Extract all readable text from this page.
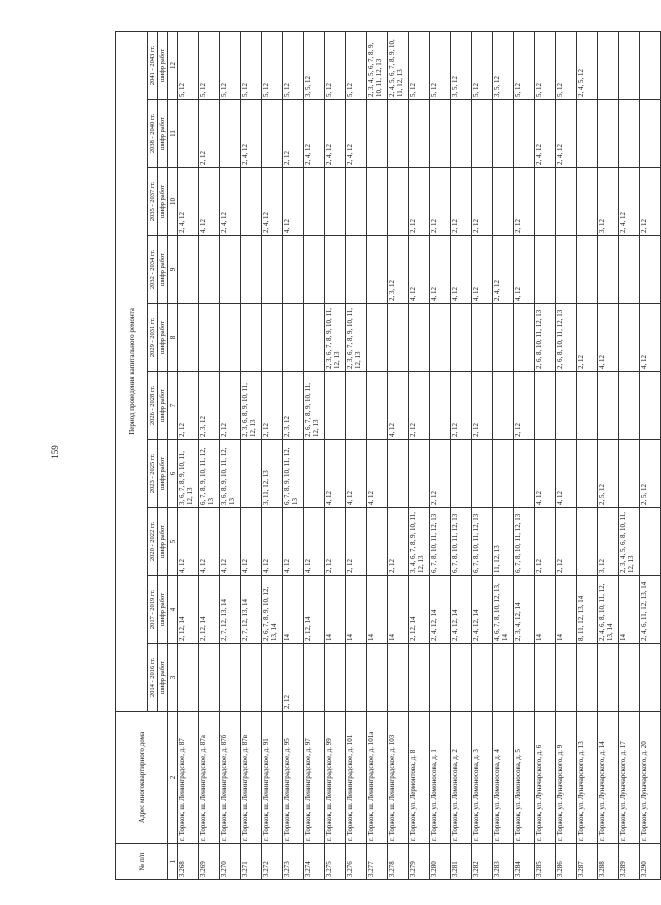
159
№ п/п	Адрес многоквартирного дома	Период проведения капитального ремонта									
		2014 - 2016 гг.	2017 - 2019 гг.	2020 - 2022 гг.	2023 - 2025 гг.	2026 - 2028 гг.	2029 - 2031 гг.	2032 - 2034 гг.	2035 - 2037 гг.	2038 - 2040 гг.	2041 - 2043 гг.
		шифр работ	шифр работ	шифр работ	шифр работ	шифр работ	шифр работ	шифр работ	шифр работ	шифр работ	шифр работ
1	2	3	4	5	6	7	8	9	10	11	12
3.268	г. Торжок, ш. Ленинградское, д. 87		2, 12, 14	4, 12	3, 6, 7, 8, 9, 10, 11, 12, 13	2, 12			2, 4, 12		5, 12
3.269	г. Торжок, ш. Ленинградское, д. 87а		2, 12, 14	4, 12	6, 7, 8, 9, 10, 11, 12, 13	2, 3, 12			4, 12	2, 12	5, 12
3.270	г. Торжок, ш. Ленинградское, д. 87б		2, 7, 12, 13, 14	4, 12	3, 6, 8, 9, 10, 11, 12, 13	2, 12			2, 4, 12		5, 12
3.271	г. Торжок, ш. Ленинградское, д. 87в		2, 7, 12, 13, 14	4, 12		2, 3, 6, 8, 9, 10, 11, 12, 13				2, 4, 12	5, 12
3.272	г. Торжок, ш. Ленинградское, д. 91		2, 6, 7, 8, 9, 10, 12, 13, 14	4, 12	3, 11, 12, 13	2, 12			2, 4, 12		5, 12
3.273	г. Торжок, ш. Ленинградское, д. 95	2, 12	14	4, 12	6, 7, 8, 9, 10, 11, 12, 13	2, 3, 12			4, 12	2, 12	5, 12
3.274	г. Торжок, ш. Ленинградское, д. 97		2, 12, 14	4, 12		2, 6, 7, 8, 9, 10, 11, 12, 13				2, 4, 12	3, 5, 12
3.275	г. Торжок, ш. Ленинградское, д. 99		14	2, 12	4, 12		2, 3, 6, 7, 8, 9, 10, 11, 12, 13			2, 4, 12	5, 12
3.276	г. Торжок, ш. Ленинградское, д. 101		14	2, 12	4, 12		2, 3, 6, 7, 8, 9, 10, 11, 12, 13			2, 4, 12	5, 12
3.277	г. Торжок, ш. Ленинградское, д. 101а		14		4, 12						2, 3, 4, 5, 6, 7, 8, 9, 10, 11, 12, 13
3.278	г. Торжок, ш. Ленинградское, д. 103		14	2, 12		4, 12		2, 3, 12			2, 4, 5, 6, 7, 8, 9, 10, 11, 12, 13
3.279	г. Торжок, ул. Лермонтова, д. 8		2, 12, 14	3, 4, 6, 7, 8, 9, 10, 11, 12, 13		2, 12		4, 12	2, 12		5, 12
3.280	г. Торжок, ул. Ломоносова, д. 1		2, 4, 12, 14	6, 7, 8, 10, 11, 12, 13	2, 12			4, 12	2, 12		5, 12
3.281	г. Торжок, ул. Ломоносова, д. 2		2, 4, 12, 14	6, 7, 8, 10, 11, 12, 13		2, 12		4, 12	2, 12		3, 5, 12
3.282	г. Торжок, ул. Ломоносова, д. 3		2, 4, 12, 14	6, 7, 8, 10, 11, 12, 13		2, 12		4, 12	2, 12		5, 12
3.283	г. Торжок, ул. Ломоносова, д. 4		4, 6, 7, 8, 10, 12, 13, 14	11, 12, 13				2, 4, 12			3, 5, 12
3.284	г. Торжок, ул. Ломоносова, д. 5		2, 3, 4, 12, 14	6, 7, 8, 10, 11, 12, 13		2, 12		4, 12	2, 12		5, 12
3.285	г. Торжок, ул. Луначарского, д. 6		14	2, 12	4, 12		2, 6, 8, 10, 11, 12, 13			2, 4, 12	5, 12
3.286	г. Торжок, ул. Луначарского, д. 9		14	2, 12	4, 12		2, 6, 8, 10, 11, 12, 13			2, 4, 12	5, 12
3.287	г. Торжок, ул. Луначарского, д. 13		8, 11, 12, 13, 14				2, 12				2, 4, 5, 12
3.288	г. Торжок, ул. Луначарского, д. 14		2, 4, 6, 8, 10, 11, 12, 13, 14	3, 12	2, 5, 12		4, 12		3, 12		
3.289	г. Торжок, ул. Луначарского, д. 17		14	2, 3, 4, 5, 6, 8, 10, 11, 12, 13					2, 4, 12		
3.290	г. Торжок, ул. Луначарского, д. 20		2, 4, 6, 11, 12, 13, 14		2, 5, 12		4, 12		2, 12		
